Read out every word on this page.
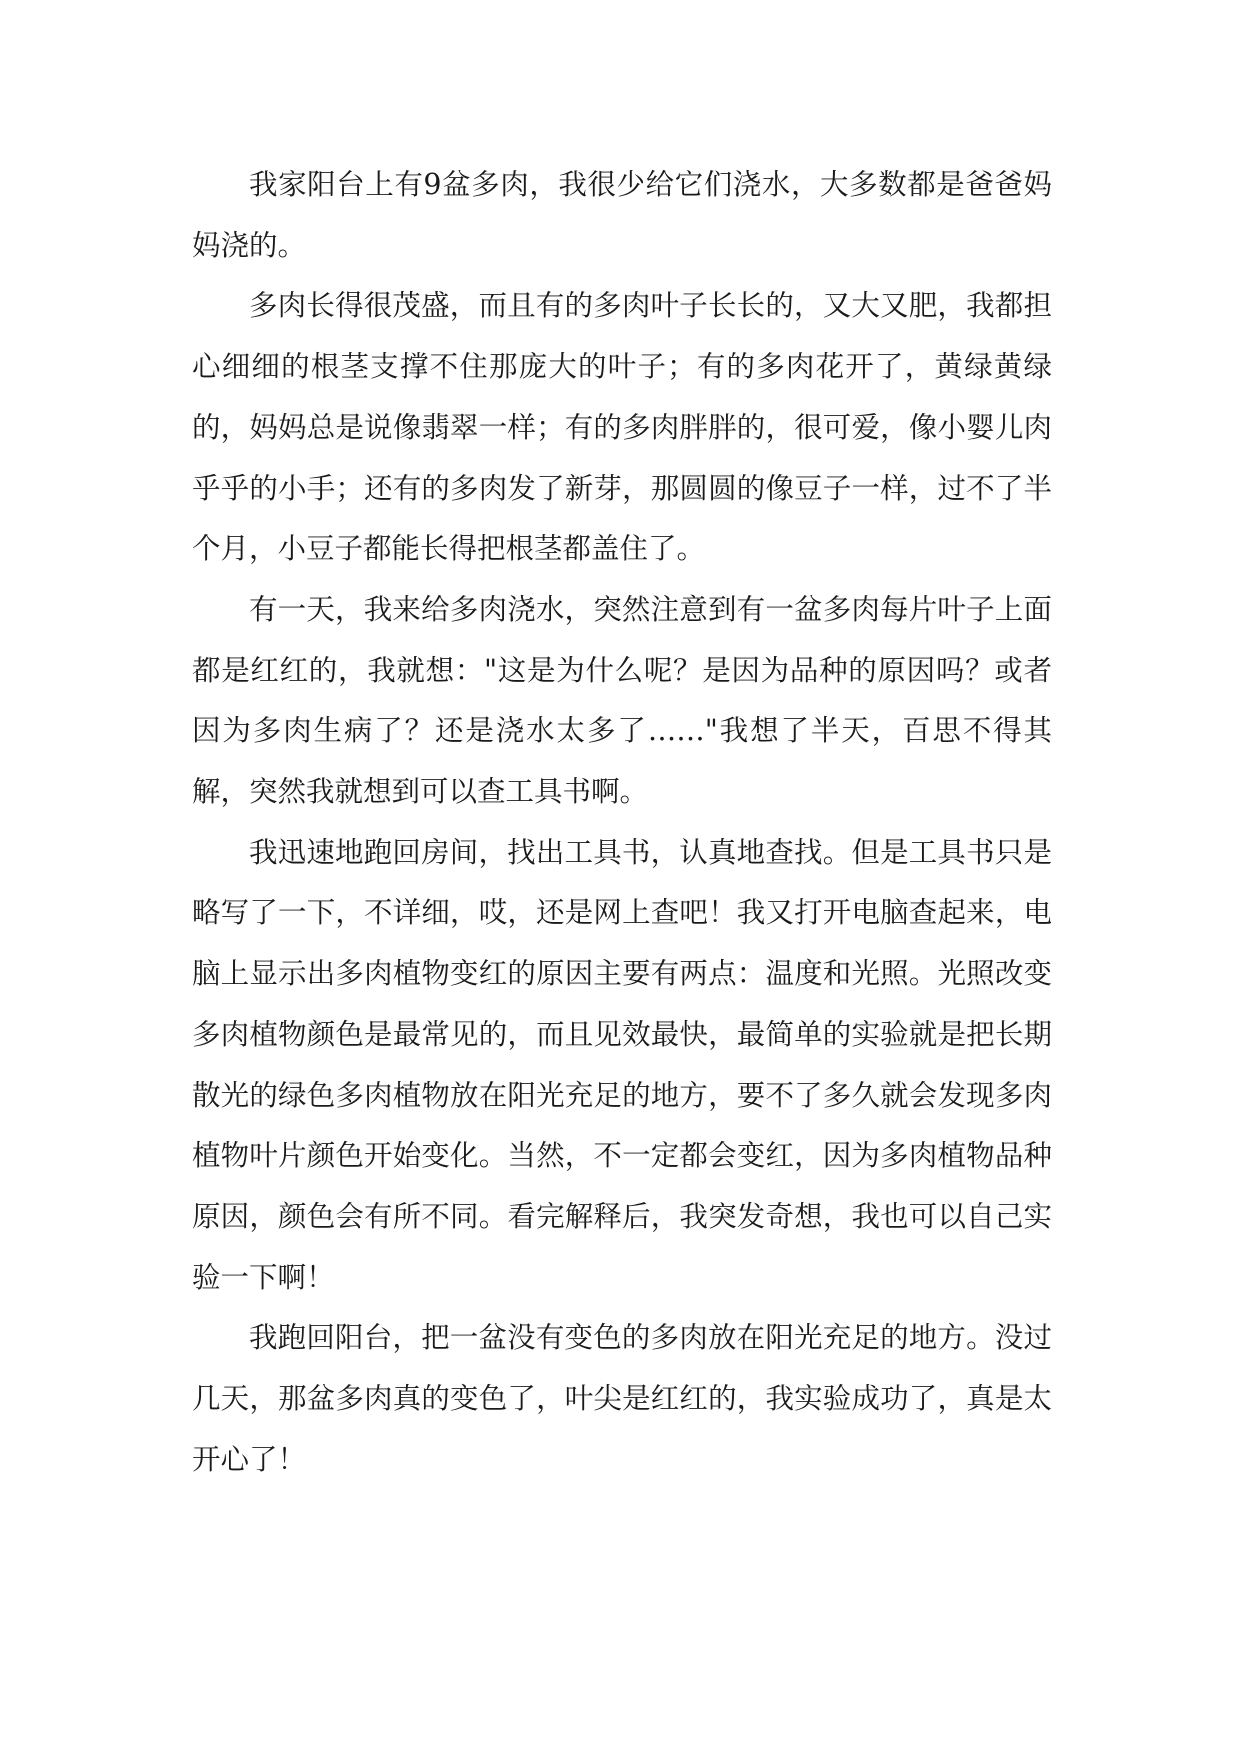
我家阳台上有9盆多肉，我很少给它们浇水，大多数都是爸爸妈妈浇的。

多肉长得很茂盛，而且有的多肉叶子长长的，又大又肥，我都担心细细的根茎支撑不住那庞大的叶子；有的多肉花开了，黄绿黄绿的，妈妈总是说像翡翠一样；有的多肉胖胖的，很可爱，像小婴儿肉乎乎的小手；还有的多肉发了新芽，那圆圆的像豆子一样，过不了半个月，小豆子都能长得把根茎都盖住了。

有一天，我来给多肉浇水，突然注意到有一盆多肉每片叶子上面都是红红的，我就想："这是为什么呢？是因为品种的原因吗？或者因为多肉生病了？还是浇水太多了……"我想了半天，百思不得其解，突然我就想到可以查工具书啊。

我迅速地跑回房间，找出工具书，认真地查找。但是工具书只是略写了一下，不详细，哎，还是网上查吧！我又打开电脑查起来，电脑上显示出多肉植物变红的原因主要有两点：温度和光照。光照改变多肉植物颜色是最常见的，而且见效最快，最简单的实验就是把长期散光的绿色多肉植物放在阳光充足的地方，要不了多久就会发现多肉植物叶片颜色开始变化。当然，不一定都会变红，因为多肉植物品种原因，颜色会有所不同。看完解释后，我突发奇想，我也可以自己实验一下啊！

我跑回阳台，把一盆没有变色的多肉放在阳光充足的地方。没过几天，那盆多肉真的变色了，叶尖是红红的，我实验成功了，真是太开心了！
